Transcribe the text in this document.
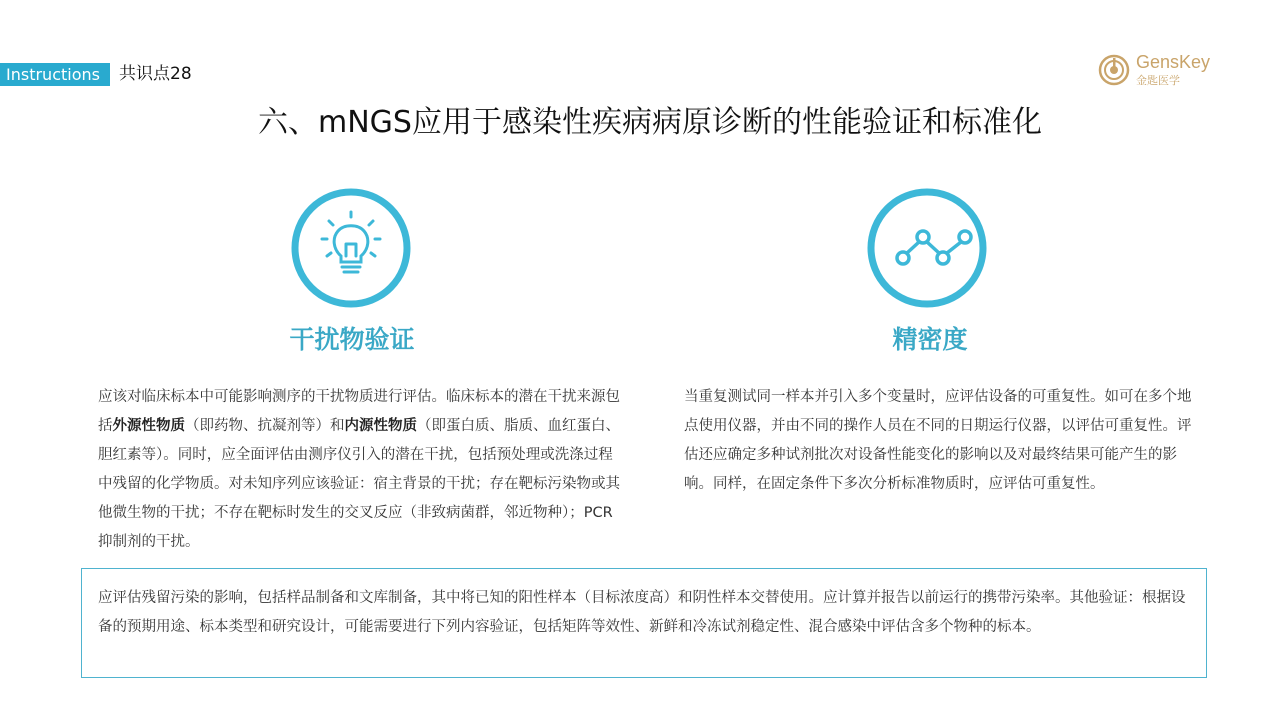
Instructions	共识点28
GensKey
金匙医学
六、mNGS应用于感染性疾病病原诊断的性能验证和标准化
干扰物验证	精密度
应该对临床标本中可能影响测序的干扰物质进行评估。临床标本的潜在干扰来源包括外源性物质（即药物、抗凝剂等）和内源性物质（即蛋白质、脂质、血红蛋白、胆红素等）。同时，应全面评估由测序仪引入的潜在干扰，包括预处理或洗涤过程中残留的化学物质。对未知序列应该验证：宿主背景的干扰；存在靶标污染物或其他微生物的干扰；不存在靶标时发生的交叉反应（非致病菌群，邻近物种）；PCR抑制剂的干扰。
当重复测试同一样本并引入多个变量时，应评估设备的可重复性。如可在多个地点使用仪器，并由不同的操作人员在不同的日期运行仪器，以评估可重复性。评估还应确定多种试剂批次对设备性能变化的影响以及对最终结果可能产生的影响。同样，在固定条件下多次分析标准物质时，应评估可重复性。
应评估残留污染的影响，包括样品制备和文库制备，其中将已知的阳性样本（目标浓度高）和阴性样本交替使用。应计算并报告以前运行的携带污染率。其他验证：根据设备的预期用途、标本类型和研究设计，可能需要进行下列内容验证，包括矩阵等效性、新鲜和冷冻试剂稳定性、混合感染中评估含多个物种的标本。
